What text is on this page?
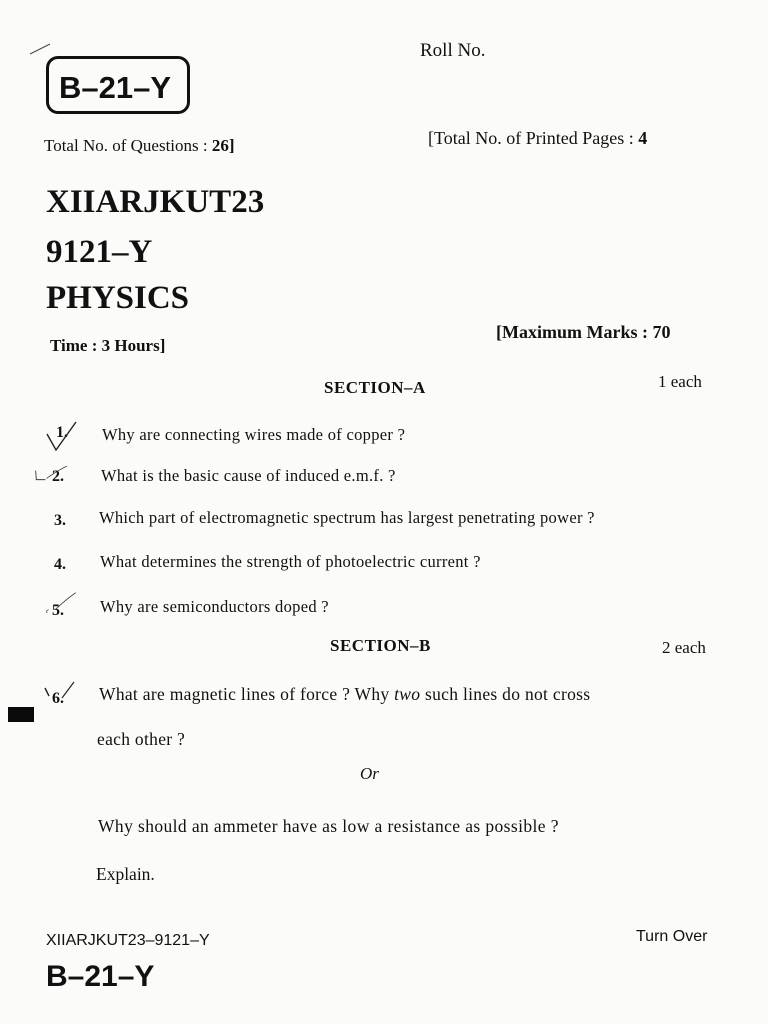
B–21–Y
Roll No.
Total No. of Questions : 26]	[Total No. of Printed Pages : 4
XIIARJKUT23
9121–Y
PHYSICS
Time : 3 Hours]
[Maximum Marks : 70
SECTION–A	1 each
1. Why are connecting wires made of copper ?
2. What is the basic cause of induced e.m.f. ?
3. Which part of electromagnetic spectrum has largest penetrating power ?
4. What determines the strength of photoelectric current ?
5. Why are semiconductors doped ?
SECTION–B	2 each
6. What are magnetic lines of force ? Why two such lines do not cross
each other ?
Or
Why should an ammeter have as low a resistance as possible ?
Explain.
XIIARJKUT23–9121–Y	Turn Over
B–21–Y
